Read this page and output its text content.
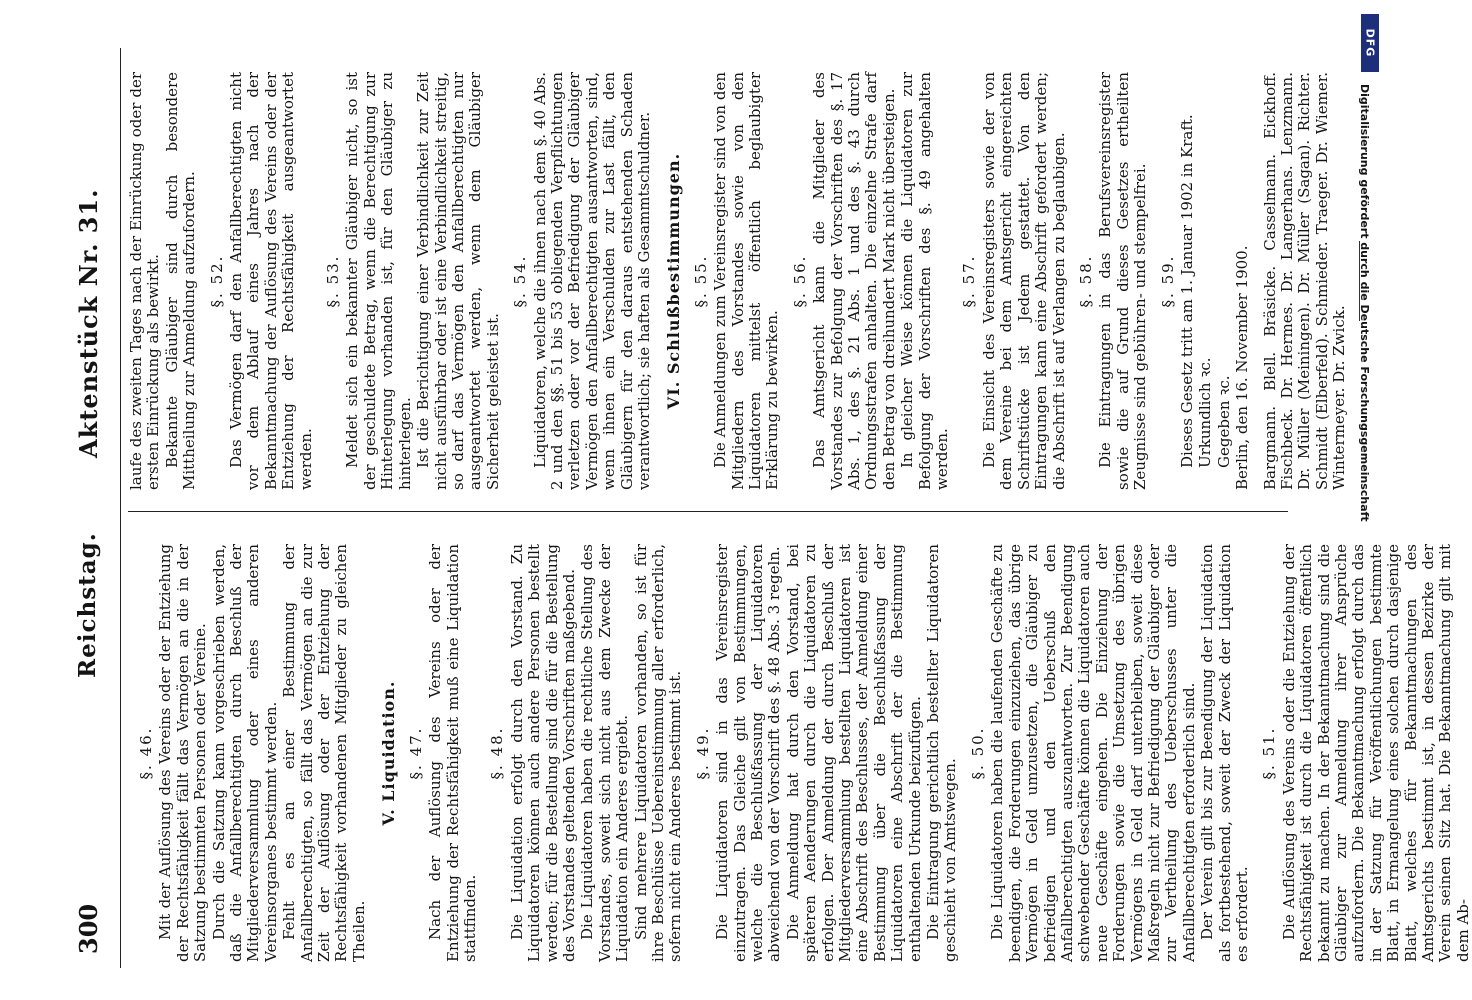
300
Reichstag.
Aktenstück Nr. 31.
§. 46. Mit der Auflösung des Vereins oder der Entziehung der Rechtsfähigkeit fällt das Vermögen an die in der Satzung bestimmten Personen oder Vereine. Durch die Satzung kann vorgeschrieben werden, daß die Anfallberechtigten durch Beschluß der Mitgliederversammlung oder eines anderen Vereinsorganes bestimmt werden. Fehlt es an einer Bestimmung der Anfallberechtigten, so fällt das Vermögen an die zur Zeit der Auflösung oder der Entziehung der Rechtsfähigkeit vorhandenen Mitglieder zu gleichen Theilen.
V. Liquidation. §. 47. Nach der Auflösung des Vereins oder der Entziehung der Rechtsfähigkeit muß eine Liquidation stattfinden.
§. 48. Die Liquidation erfolgt durch den Vorstand. Zu Liquidatoren können auch andere Personen bestellt werden; für die Bestellung sind die für die Bestellung des Vorstandes geltenden Vorschriften maßgebend. Die Liquidatoren haben die rechtliche Stellung des Vorstandes, soweit sich nicht aus dem Zwecke der Liquidation ein Anderes ergiebt. Sind mehrere Liquidatoren vorhanden, so ist für ihre Beschlüsse Uebereinstimmung aller erforderlich, sofern nicht ein Anderes bestimmt ist. §. 49. Die Liquidatoren sind in das Vereinsregister einzutragen. Das Gleiche gilt von Bestimmungen, welche die Beschlußfassung der Liquidatoren abweichend von der Vorschrift des §. 48 Abs. 3 regeln. Die Anmeldung hat durch den Vorstand, bei späteren Aenderungen durch die Liquidatoren zu erfolgen. Der Anmeldung der durch Beschluß der Mitgliederversammlung bestellten Liquidatoren ist eine Abschrift des Beschlusses, der Anmeldung einer Bestimmung über die Beschlußfassung der Liquidatoren eine Abschrift der die Bestimmung enthaltenden Urkunde beizufügen. Die Eintragung gerichtlich bestellter Liquidatoren geschieht von Amtswegen.
§. 50. Die Liquidatoren haben die laufenden Geschäfte zu beendigen, die Forderungen einzuziehen, das übrige Vermögen in Geld umzusetzen, die Gläubiger zu befriedigen und den Ueberschuß den Anfallberechtigten auszuantworten. Zur Beendigung schwebender Geschäfte können die Liquidatoren auch neue Geschäfte eingehen. Die Einziehung der Forderungen sowie die Umsetzung des übrigen Vermögens in Geld darf unterbleiben, soweit diese Maßregeln nicht zur Befriedigung der Gläubiger oder zur Vertheilung des Ueberschusses unter die Anfallberechtigten erforderlich sind. Der Verein gilt bis zur Beendigung der Liquidation als fortbestehend, soweit der Zweck der Liquidation es erfordert.
§. 51. Die Auflösung des Vereins oder die Entziehung der Rechtsfähigkeit ist durch die Liquidatoren öffentlich bekannt zu machen. In der Bekanntmachung sind die Gläubiger zur Anmeldung ihrer Ansprüche aufzufordern. Die Bekanntmachung erfolgt durch das in der Satzung für Veröffentlichungen bestimmte Blatt, in Ermangelung eines solchen durch dasjenige Blatt, welches für Bekanntmachungen des Amtsgerichts bestimmt ist, in dessen Bezirke der Verein seinen Sitz hat. Die Bekanntmachung gilt mit dem Ab-
laufe des zweiten Tages nach der Einrückung oder der ersten Einrückung als bewirkt. Bekannte Gläubiger sind durch besondere Mittheilung zur Anmeldung aufzufordern. §. 52. Das Vermögen darf den Anfallberechtigten nicht vor dem Ablauf eines Jahres nach der Bekanntmachung der Auflösung des Vereins oder der Entziehung der Rechtsfähigkeit ausgeantwortet werden.
§. 53. Meldet sich ein bekannter Gläubiger nicht, so ist der geschuldete Betrag, wenn die Berechtigung zur Hinterlegung vorhanden ist, für den Gläubiger zu hinterlegen. Ist die Berichtigung einer Verbindlichkeit zur Zeit nicht ausführbar oder ist eine Verbindlichkeit streitig, so darf das Vermögen den Anfallberechtigten nur ausgeantwortet werden, wenn dem Gläubiger Sicherheit geleistet ist.
§. 54. Liquidatoren, welche die ihnen nach dem §. 40 Abs. 2 und den §§. 51 bis 53 obliegenden Verpflichtungen verletzen oder vor der Befriedigung der Gläubiger Vermögen den Anfallberechtigten ausantworten, sind, wenn ihnen ein Verschulden zur Last fällt, den Gläubigern für den daraus entstehenden Schaden verantwortlich; sie haften als Gesammtschuldner. VI. Schlußbestimmungen. §. 55. Die Anmeldungen zum Vereinsregister sind von den Mitgliedern des Vorstandes sowie von den Liquidatoren mittelst öffentlich beglaubigter Erklärung zu bewirken.
§. 56. Das Amtsgericht kann die Mitglieder des Vorstandes zur Befolgung der Vorschriften des §. 17 Abs. 1, des §. 21 Abs. 1 und des §. 43 durch Ordnungsstrafen anhalten. Die einzelne Strafe darf den Betrag von dreihundert Mark nicht übersteigen. In gleicher Weise können die Liquidatoren zur Befolgung der Vorschriften des §. 49 angehalten werden.
§. 57. Die Einsicht des Vereinsregisters sowie der von dem Vereine bei dem Amtsgericht eingereichten Schriftstücke ist Jedem gestattet. Von den Eintragungen kann eine Abschrift gefordert werden; die Abschrift ist auf Verlangen zu beglaubigen. §. 58. Die Eintragungen in das Berufsvereinsregister sowie die auf Grund dieses Gesetzes ertheilten Zeugnisse sind gebühren- und stempelfrei. §. 59. Dieses Gesetz tritt am 1. Januar 1902 in Kraft. Urkundlich ꝛc. Gegeben ꝛc. Berlin, den 16. November 1900. Bargmann. Blell. Bräsicke. Casselmann. Eickhoff. Fischbeck. Dr. Hermes. Dr. Langerhans. Lenzmann. Dr. Müller (Meiningen). Dr. Müller (Sagan). Richter. Schmidt (Elberfeld). Schmieder. Traeger. Dr. Wiemer. Wintermeyer. Dr. Zwick.
DFG
Digitalisierung gefördert durch die Deutsche Forschungsgemeinschaft
